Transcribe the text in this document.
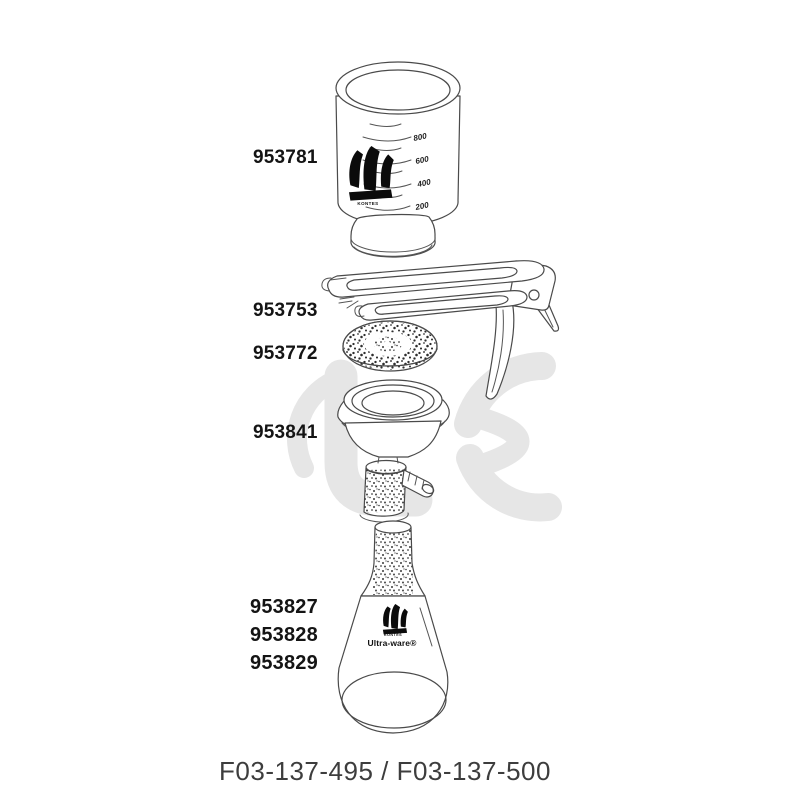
800
600
400
200
KONTES
KONTES
Ultra-ware®
953781
953753
953772
953841
953827
953828
953829
F03-137-495 / F03-137-500
